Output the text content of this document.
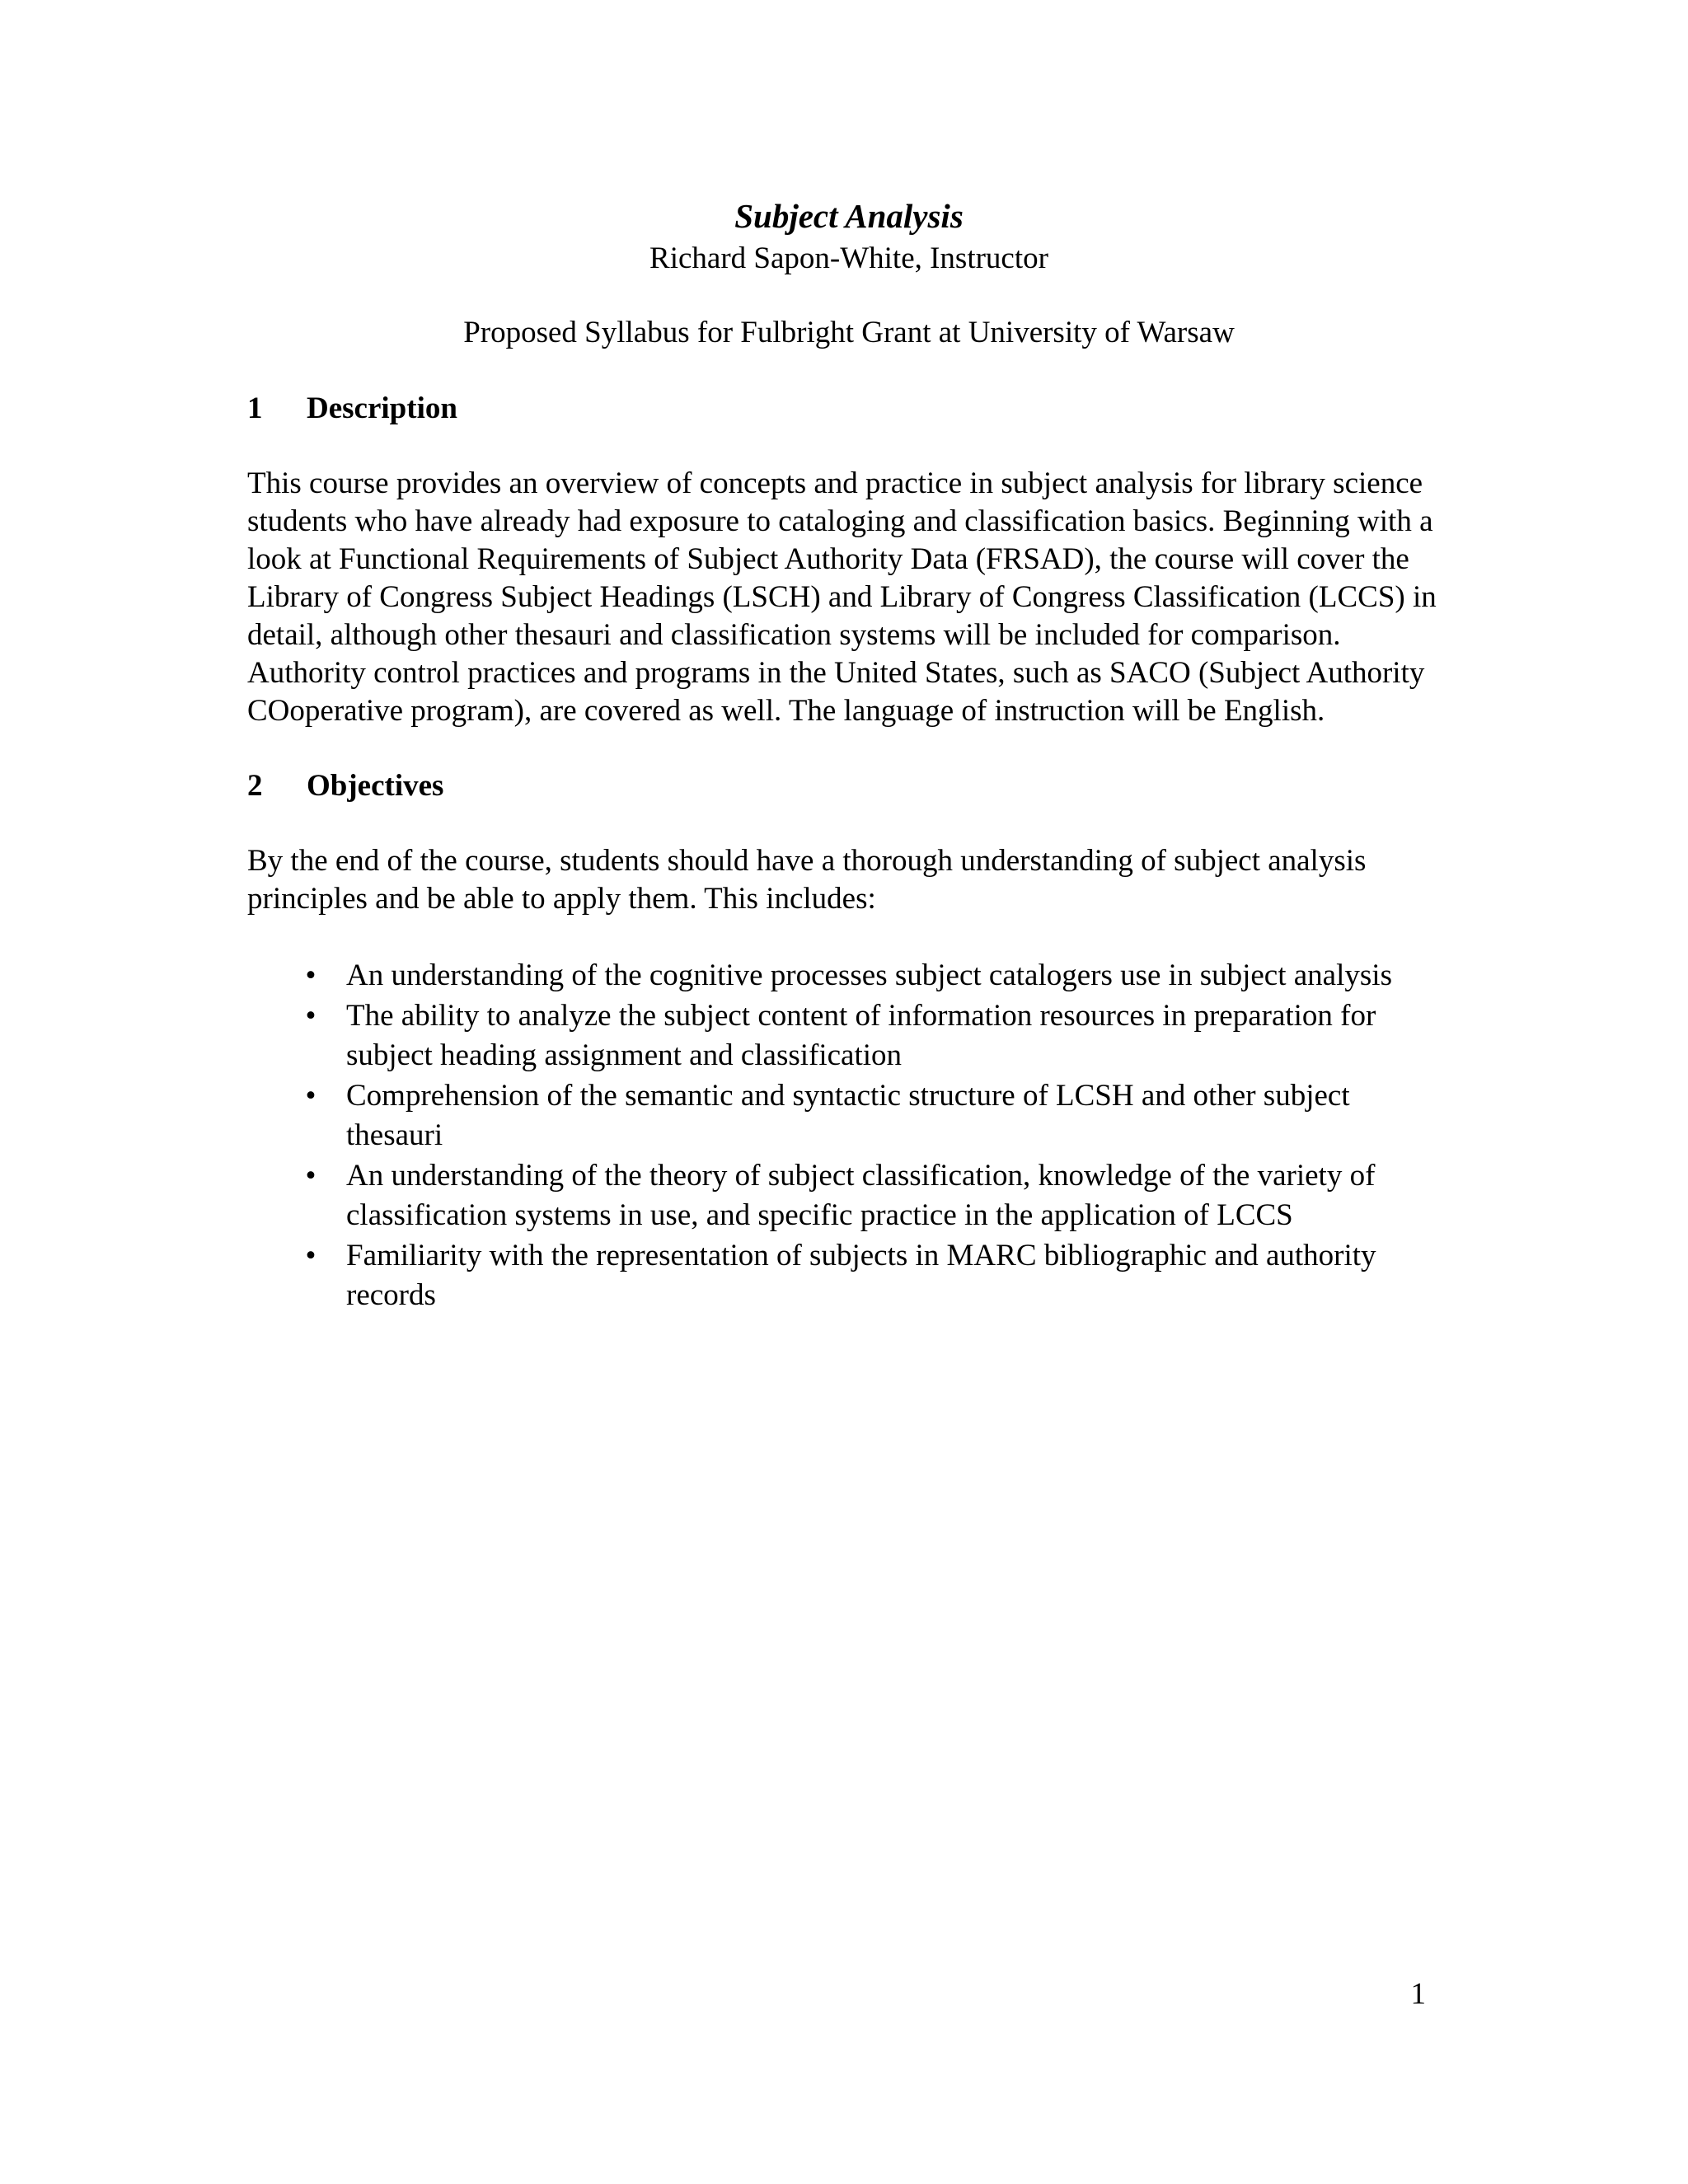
Subject Analysis

Richard Sapon-White, Instructor

Proposed Syllabus for Fulbright Grant at University of Warsaw

1	Description

This course provides an overview of concepts and practice in subject analysis for library science students who have already had exposure to cataloging and classification basics. Beginning with a look at Functional Requirements of Subject Authority Data (FRSAD), the course will cover the Library of Congress Subject Headings (LSCH) and Library of Congress Classification (LCCS) in detail, although other thesauri and classification systems will be included for comparison. Authority control practices and programs in the United States, such as SACO (Subject Authority COoperative program), are covered as well. The language of instruction will be English.

2	Objectives

By the end of the course, students should have a thorough understanding of subject analysis principles and be able to apply them. This includes:

• An understanding of the cognitive processes subject catalogers use in subject analysis
• The ability to analyze the subject content of information resources in preparation for subject heading assignment and classification
• Comprehension of the semantic and syntactic structure of LCSH and other subject thesauri
• An understanding of the theory of subject classification, knowledge of the variety of classification systems in use, and specific practice in the application of LCCS
• Familiarity with the representation of subjects in MARC bibliographic and authority records
1
